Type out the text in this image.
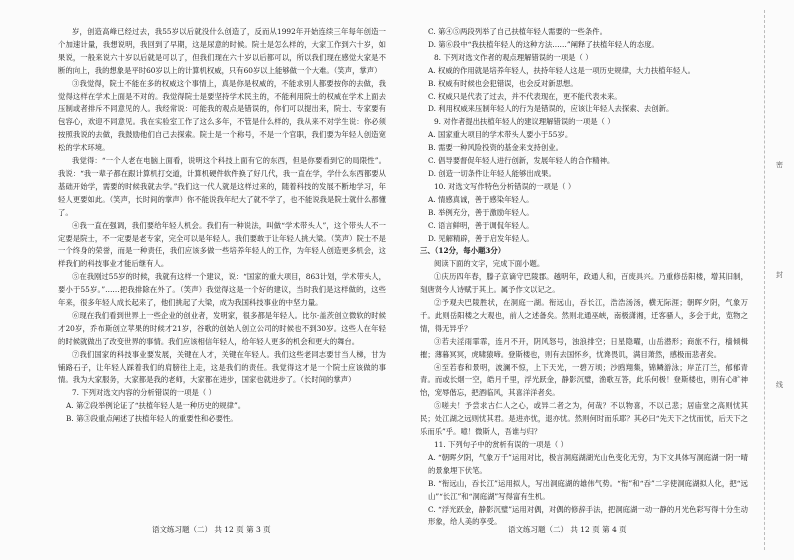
岁，创造高峰已经过去，我55岁以后就没什么创造了，反而从1992年开始连续三年每年创造一个加速计量，我想说明，我回到了早期，这是尿意的时候。院士是怎么样的，大家工作到六十岁，如果说，一般来说六十岁以后就是可以了，但我们现在六十岁以后都可以，所以我们现在感觉大家是不断的向上，我的想象是平时60岁以上的计算机权威，只有60岁以上能够做一个大难。（笑声，掌声）

③我觉得，院士不能在多的权威这个事情上，真是你是权威的，不能求别人都要按你的去做，我觉得这样在学术上面是不对的。我觉得院士是要坚持学术民主的，不能利用院士的权威在学术上面去压制或者排斥不同意见的人。我经常说：可能我的观点是错误的，你们可以提出来，院士、专家要有包容心，欢迎不同意见。我在实验室工作了这么多年，不管是什么样的，我从来不对学生说：你必须按照我说的去做，我鼓励他们自己去探索。院士是一个称号，不是一个官职，我们要为年轻人创造宽松的学术环境。

我觉得：“一个人老在电脑上面看，说明这个科技上面有它的东西，但是你要看到它的局限性”。我说：“我一辈子都在跟计算机打交道，计算机硬件软件换了好几代，我一直在学，学什么东西都要从基础开始学，需要的时候我就去学。”我们这一代人就是这样过来的，随着科技的发展不断地学习，年轻人更要如此。（笑声，长时间的掌声）你不能说我年纪大了就不学了，也不能说我是院士就什么都懂了。

④我一直在强调，我们要给年轻人机会。我们有一种说法，叫做“学术带头人”，这个带头人不一定要是院士，不一定要是老专家，完全可以是年轻人。我们要敢于让年轻人挑大梁。（笑声）院士不是一个终身的荣誉，而是一种责任，我们应该多做一些培养年轻人的工作，为年轻人创造更多机会，这样我们的科技事业才能后继有人。

⑤在我刚过55岁的时候，我就有这样一个建议，说：“国家的重大项目，863计划，学术带头人，要小于55岁。”……把我排除在外了。（笑声）我觉得这是一个好的建议，当时我们是这样做的，这些年来，很多年轻人成长起来了，他们挑起了大梁，成为我国科技事业的中坚力量。

⑥现在我们看到世界上一些企业的创业者，发明家，很多都是年轻人。比尔·盖茨创立微软的时候才20岁，乔布斯创立苹果的时候才21岁，谷歌的创始人创立公司的时候也不到30岁。这些人在年轻的时候就做出了改变世界的事情。我们应该相信年轻人，给年轻人更多的机会和更大的舞台。

⑦我们国家的科技事业要发展，关键在人才，关键在年轻人。我们这些老同志要甘当人梯，甘为铺路石子，让年轻人踩着我们的肩膀往上走，这是我们的责任。我觉得这才是一个院士应该做的事情。我为大家服务，大家都是我的老师，大家都在进步，国家也就进步了。（长时间的掌声）

7. 下列对选文内容的分析错误的一项是（ ）

A. 第②段举例论证了“扶植年轻人是一种历史的规律”。

B. 第③段重点阐述了扶植年轻人的重要性和必要性。

C. 第④⑤两段列举了自己扶植年轻人需要的一些条件。

D. 第⑥段中“我扶植年轻人的这种方法……”阐释了扶植年轻人的态度。

8. 下列对选文作者的观点理解错误的一项是（ ）

A. 权威的作用就是培养年轻人，扶持年轻人这是一项历史规律，大力扶植年轻人。

B. 权威有时候也会犯错误，也会反对新思想。

C. 权威只是代表了过去，并不代表现在，更不能代表未来。

D. 利用权威来压制年轻人的行为是错误的，应该让年轻人去探索、去创新。

9. 对作者提出扶植年轻人的建议理解错误的一项是（ ）

A. 国家重大项目的学术带头人要小于55岁。

B. 需要一种风险投资的基金来支持创业。

C. 倡导要督促年轻人进行创新，发展年轻人的合作精神。

D. 创造一切条件让年轻人能够出成果。

10. 对选文写作特色分析错误的一项是（ ）

A. 情感真诚，善于感染年轻人。

B. 举例充分，善于激励年轻人。

C. 语言鲜明，善于调侃年轻人。

D. 见解精辟，善于启发年轻人。

三、（12分，每小题3分）

阅读下面的文字，完成下面小题。

①庆历四年春，滕子京谪守巴陵郡。越明年，政通人和，百废具兴。乃重修岳阳楼，增其旧制，刻唐贤今人诗赋于其上。属予作文以记之。

②予观夫巴陵胜状，在洞庭一湖。衔远山，吞长江，浩浩汤汤，横无际涯；朝晖夕阴，气象万千。此则岳阳楼之大观也，前人之述备矣。然则北通巫峡，南极潇湘，迁客骚人，多会于此，览物之情，得无异乎？

③若夫淫雨霏霏，连月不开，阴风怒号，浊浪排空；日星隐曜，山岳潜形；商旅不行，樯倾楫摧；薄暮冥冥，虎啸猿啼。登斯楼也，则有去国怀乡，忧谗畏讥，满目萧然，感极而悲者矣。

④至若春和景明，波澜不惊，上下天光，一碧万顷；沙鸥翔集，锦鳞游泳；岸芷汀兰，郁郁青青。而或长烟一空，皓月千里，浮光跃金，静影沉璧，渔歌互答，此乐何极！登斯楼也，则有心旷神怡，宠辱偕忘，把酒临风，其喜洋洋者矣。

⑤嗟夫！予尝求古仁人之心，或异二者之为，何哉？不以物喜，不以己悲；居庙堂之高则忧其民；处江湖之远则忧其君。是进亦忧，退亦忧。然则何时而乐耶？其必曰“先天下之忧而忧，后天下之乐而乐”乎。噫！微斯人，吾谁与归？

11. 下列句子中的赏析有误的一项是（ ）

A. “朝晖夕阴，气象万千”运用对比，极言洞庭湖湖光山色变化无穷，为下文具体写洞庭湖一阴一晴的景象埋下伏笔。

B. “衔远山，吞长江”运用拟人，写出洞庭湖的雄伟气势。“衔”和“吞”二字使洞庭湖拟人化，把“远山”“长江”和“洞庭湖”写得富有生机。

C. “浮光跃金，静影沉璧”运用对偶，对偶的修辞手法，把洞庭湖一动一静的月光色彩写得十分生动形象，给人美的享受。

语文练习题（二） 共 12 页 第 3 页	语文练习题（二） 共 12 页 第 4 页
密
封
线
